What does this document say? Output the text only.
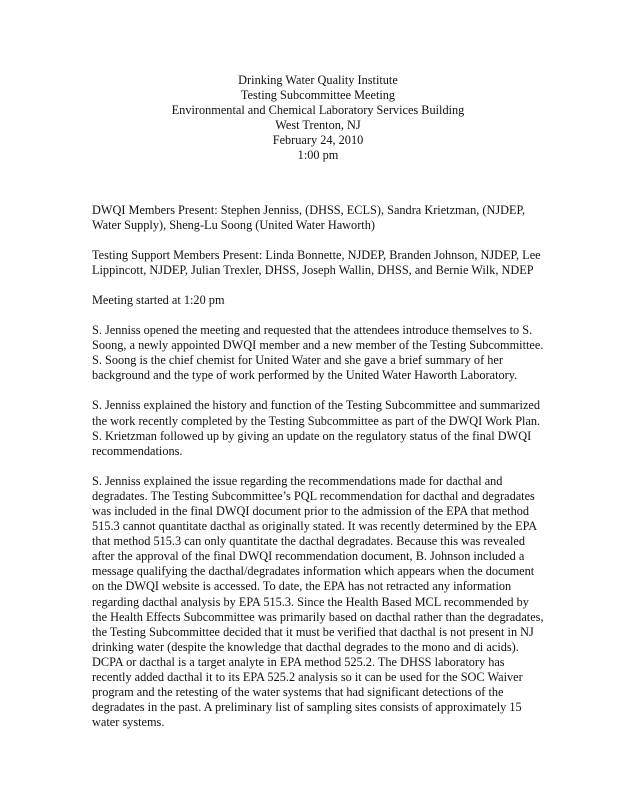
Drinking Water Quality Institute
Testing Subcommittee Meeting
Environmental and Chemical Laboratory Services Building
West Trenton, NJ
February 24, 2010
1:00 pm

DWQI Members Present: Stephen Jenniss, (DHSS, ECLS), Sandra Krietzman, (NJDEP, Water Supply), Sheng-Lu Soong (United Water Haworth)

Testing Support Members Present: Linda Bonnette, NJDEP, Branden Johnson, NJDEP, Lee Lippincott, NJDEP, Julian Trexler, DHSS, Joseph Wallin, DHSS, and Bernie Wilk, NDEP

Meeting started at 1:20 pm

S. Jenniss opened the meeting and requested that the attendees introduce themselves to S. Soong, a newly appointed DWQI member and a new member of the Testing Subcommittee. S. Soong is the chief chemist for United Water and she gave a brief summary of her background and the type of work performed by the United Water Haworth Laboratory.

S. Jenniss explained the history and function of the Testing Subcommittee and summarized the work recently completed by the Testing Subcommittee as part of the DWQI Work Plan. S. Krietzman followed up by giving an update on the regulatory status of the final DWQI recommendations.

S. Jenniss explained the issue regarding the recommendations made for dacthal and degradates. The Testing Subcommittee’s PQL recommendation for dacthal and degradates was included in the final DWQI document prior to the admission of the EPA that method 515.3 cannot quantitate dacthal as originally stated. It was recently determined by the EPA that method 515.3 can only quantitate the dacthal degradates. Because this was revealed after the approval of the final DWQI recommendation document, B. Johnson included a message qualifying the dacthal/degradates information which appears when the document on the DWQI website is accessed. To date, the EPA has not retracted any information regarding dacthal analysis by EPA 515.3. Since the Health Based MCL recommended by the Health Effects Subcommittee was primarily based on dacthal rather than the degradates, the Testing Subcommittee decided that it must be verified that dacthal is not present in NJ drinking water (despite the knowledge that dacthal degrades to the mono and di acids). DCPA or dacthal is a target analyte in EPA method 525.2. The DHSS laboratory has recently added dacthal it to its EPA 525.2 analysis so it can be used for the SOC Waiver program and the retesting of the water systems that had significant detections of the degradates in the past. A preliminary list of sampling sites consists of approximately 15 water systems.
